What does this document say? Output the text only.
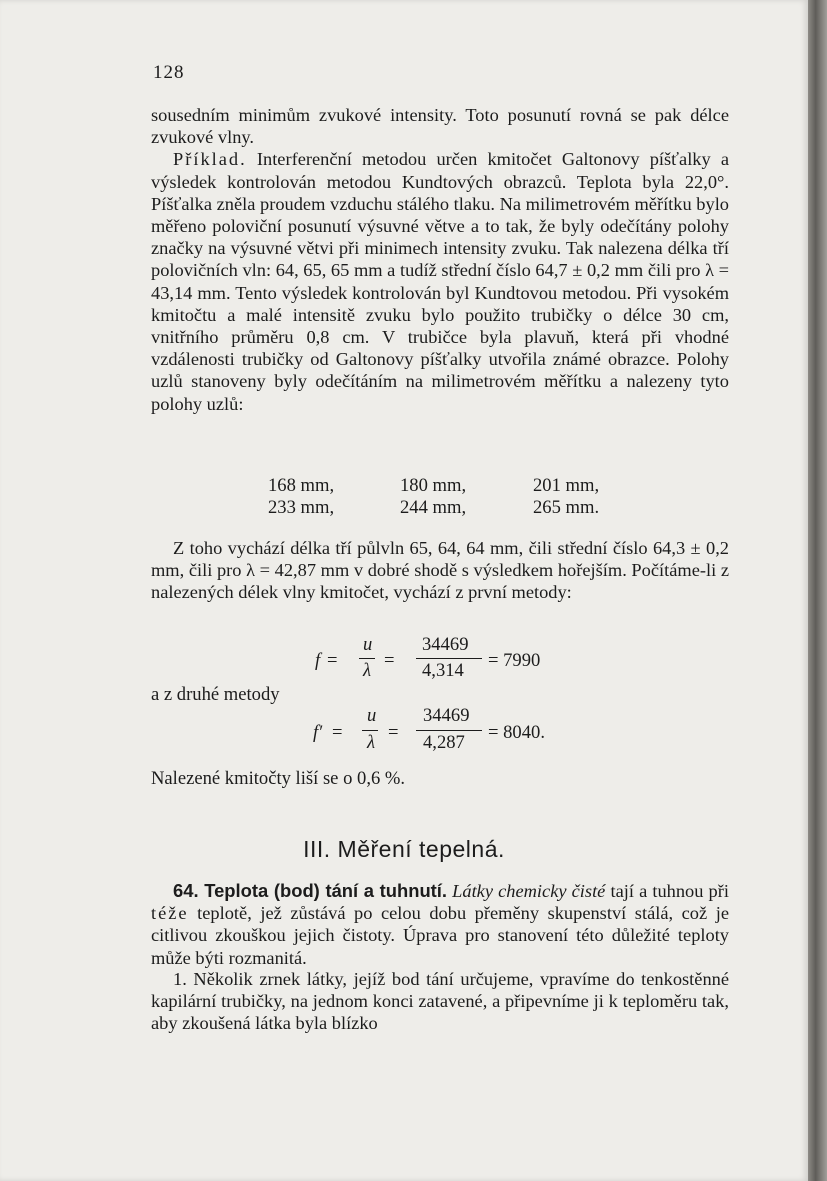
128

sousedním minimům zvukové intensity. Toto posunutí rovná se pak délce zvukové vlny.

Příklad. Interferenční metodou určen kmitočet Galtonovy píšťalky a výsledek kontrolován metodou Kundtových obrazců. Teplota byla 22,0°. Píšťalka zněla proudem vzduchu stálého tlaku. Na milimetrovém měřítku bylo měřeno poloviční posunutí výsuvné větve a to tak, že byly odečítány polohy značky na výsuvné větvi při minimech intensity zvuku. Tak nalezena délka tří polovičních vln: 64, 65, 65 mm a tudíž střední číslo 64,7 ± 0,2 mm čili pro λ = 43,14 mm. Tento výsledek kontrolován byl Kundtovou metodou. Při vysokém kmitočtu a malé intensitě zvuku bylo použito trubičky o délce 30 cm, vnitřního průměru 0,8 cm. V trubičce byla plavuň, která při vhodné vzdálenosti trubičky od Galtonovy píšťalky utvořila známé obrazce. Polohy uzlů stanoveny byly odečítáním na milimetrovém měřítku a nalezeny tyto polohy uzlů:

168 mm,	180 mm,	201 mm,
233 mm,	244 mm,	265 mm.
Z toho vychází délka tří půlvln 65, 64, 64 mm, čili střední číslo 64,3 ± 0,2 mm, čili pro λ = 42,87 mm v dobré shodě s výsledkem hořejším. Počítáme-li z nalezených délek vlny kmitočet, vychází z první metody:
f =
u
λ =
34469
4,314 = 7990
a z druhé metody
f′ =
u
λ =
34469
4,287 = 8040.
Nalezené kmitočty liší se o 0,6 %.
III. Měření tepelná.
64. Teplota (bod) tání a tuhnutí. Látky chemicky čisté tají a tuhnou při téže teplotě, jež zůstává po celou dobu přeměny skupenství stálá, což je citlivou zkouškou jejich čistoty. Úprava pro stanovení této důležité teploty může býti rozmanitá.
1. Několik zrnek látky, jejíž bod tání určujeme, vpravíme do tenkostěnné kapilární trubičky, na jednom konci zatavené, a připevníme ji k teploměru tak, aby zkoušená látka byla blízko
